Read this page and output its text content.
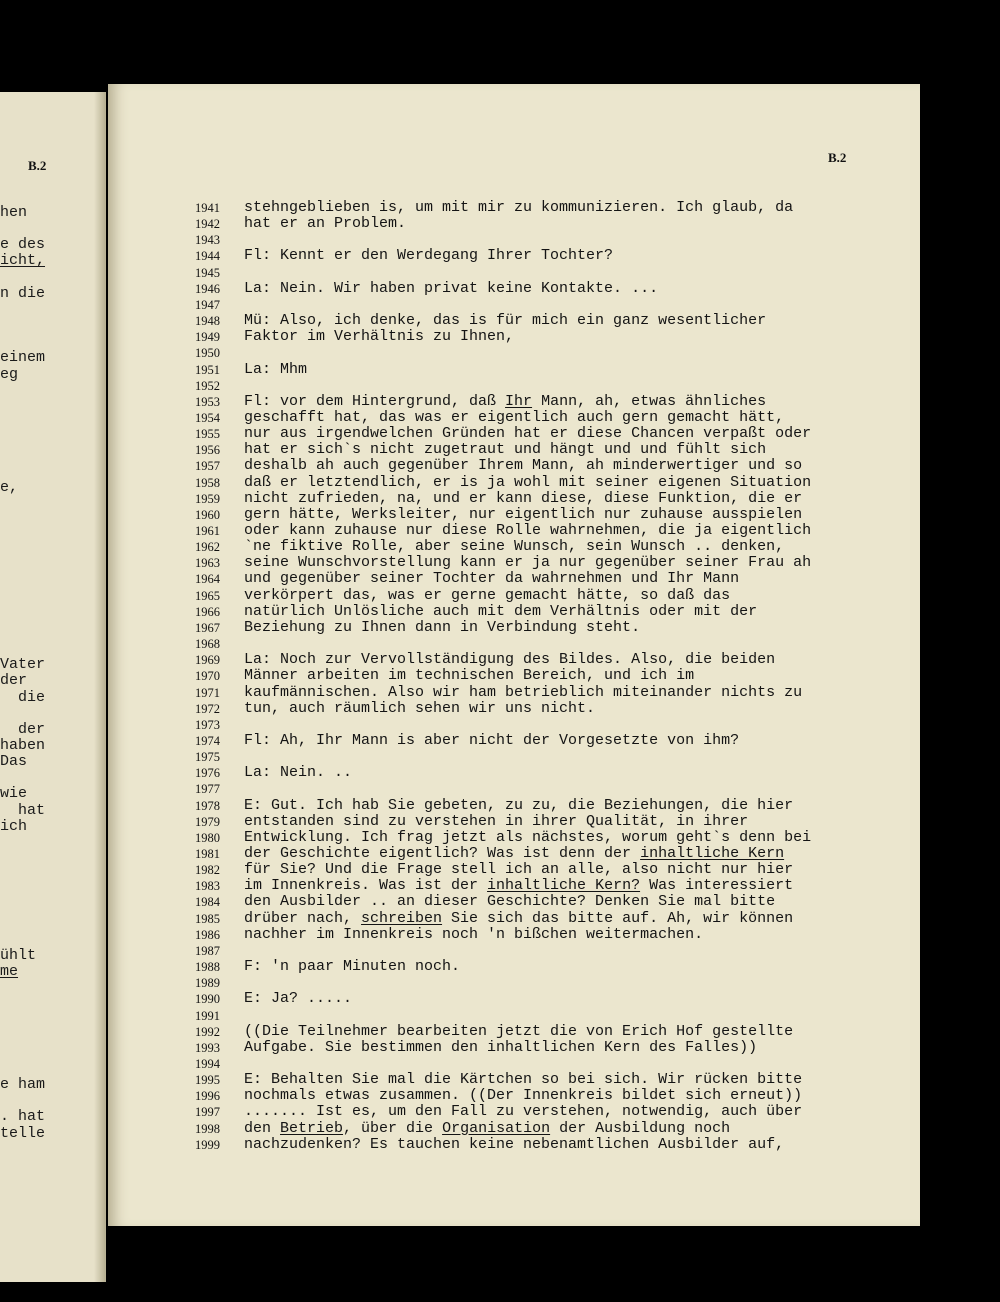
B.2
hen
e des
icht,
n die
einem
eg
e,
Vater
der
die
der
haben
Das
wie
hat
ich
ühlt
me
e ham
. hat
telle
B.2
1941 stehngeblieben is, um mit mir zu kommunizieren. Ich glaub, da
1942 hat er an Problem.
1943
1944 Fl: Kennt er den Werdegang Ihrer Tochter?
1945
1946 La: Nein. Wir haben privat keine Kontakte. ...
1947
1948 Mü: Also, ich denke, das is für mich ein ganz wesentlicher
1949 Faktor im Verhältnis zu Ihnen,
1950
1951 La: Mhm
1952
1953 Fl: vor dem Hintergrund, daß Ihr Mann, ah, etwas ähnliches
1954 geschafft hat, das was er eigentlich auch gern gemacht hätt,
1955 nur aus irgendwelchen Gründen hat er diese Chancen verpaßt oder
1956 hat er sich`s nicht zugetraut und hängt und und fühlt sich
1957 deshalb ah auch gegenüber Ihrem Mann, ah minderwertiger und so
1958 daß er letztendlich, er is ja wohl mit seiner eigenen Situation
1959 nicht zufrieden, na, und er kann diese, diese Funktion, die er
1960 gern hätte, Werksleiter, nur eigentlich nur zuhause ausspielen
1961 oder kann zuhause nur diese Rolle wahrnehmen, die ja eigentlich
1962 `ne fiktive Rolle, aber seine Wunsch, sein Wunsch .. denken,
1963 seine Wunschvorstellung kann er ja nur gegenüber seiner Frau ah
1964 und gegenüber seiner Tochter da wahrnehmen und Ihr Mann
1965 verkörpert das, was er gerne gemacht hätte, so daß das
1966 natürlich Unlösliche auch mit dem Verhältnis oder mit der
1967 Beziehung zu Ihnen dann in Verbindung steht.
1968
1969 La: Noch zur Vervollständigung des Bildes. Also, die beiden
1970 Männer arbeiten im technischen Bereich, und ich im
1971 kaufmännischen. Also wir ham betrieblich miteinander nichts zu
1972 tun, auch räumlich sehen wir uns nicht.
1973
1974 Fl: Ah, Ihr Mann is aber nicht der Vorgesetzte von ihm?
1975
1976 La: Nein. ..
1977
1978 E: Gut. Ich hab Sie gebeten, zu zu, die Beziehungen, die hier
1979 entstanden sind zu verstehen in ihrer Qualität, in ihrer
1980 Entwicklung. Ich frag jetzt als nächstes, worum geht`s denn bei
1981 der Geschichte eigentlich? Was ist denn der inhaltliche Kern
1982 für Sie? Und die Frage stell ich an alle, also nicht nur hier
1983 im Innenkreis. Was ist der inhaltliche Kern? Was interessiert
1984 den Ausbilder .. an dieser Geschichte? Denken Sie mal bitte
1985 drüber nach, schreiben Sie sich das bitte auf. Ah, wir können
1986 nachher im Innenkreis noch 'n bißchen weitermachen.
1987
1988 F: 'n paar Minuten noch.
1989
1990 E: Ja? .....
1991
1992 ((Die Teilnehmer bearbeiten jetzt die von Erich Hof gestellte
1993 Aufgabe. Sie bestimmen den inhaltlichen Kern des Falles))
1994
1995 E: Behalten Sie mal die Kärtchen so bei sich. Wir rücken bitte
1996 nochmals etwas zusammen. ((Der Innenkreis bildet sich erneut))
1997 ....... Ist es, um den Fall zu verstehen, notwendig, auch über
1998 den Betrieb, über die Organisation der Ausbildung noch
1999 nachzudenken? Es tauchen keine nebenamtlichen Ausbilder auf,
